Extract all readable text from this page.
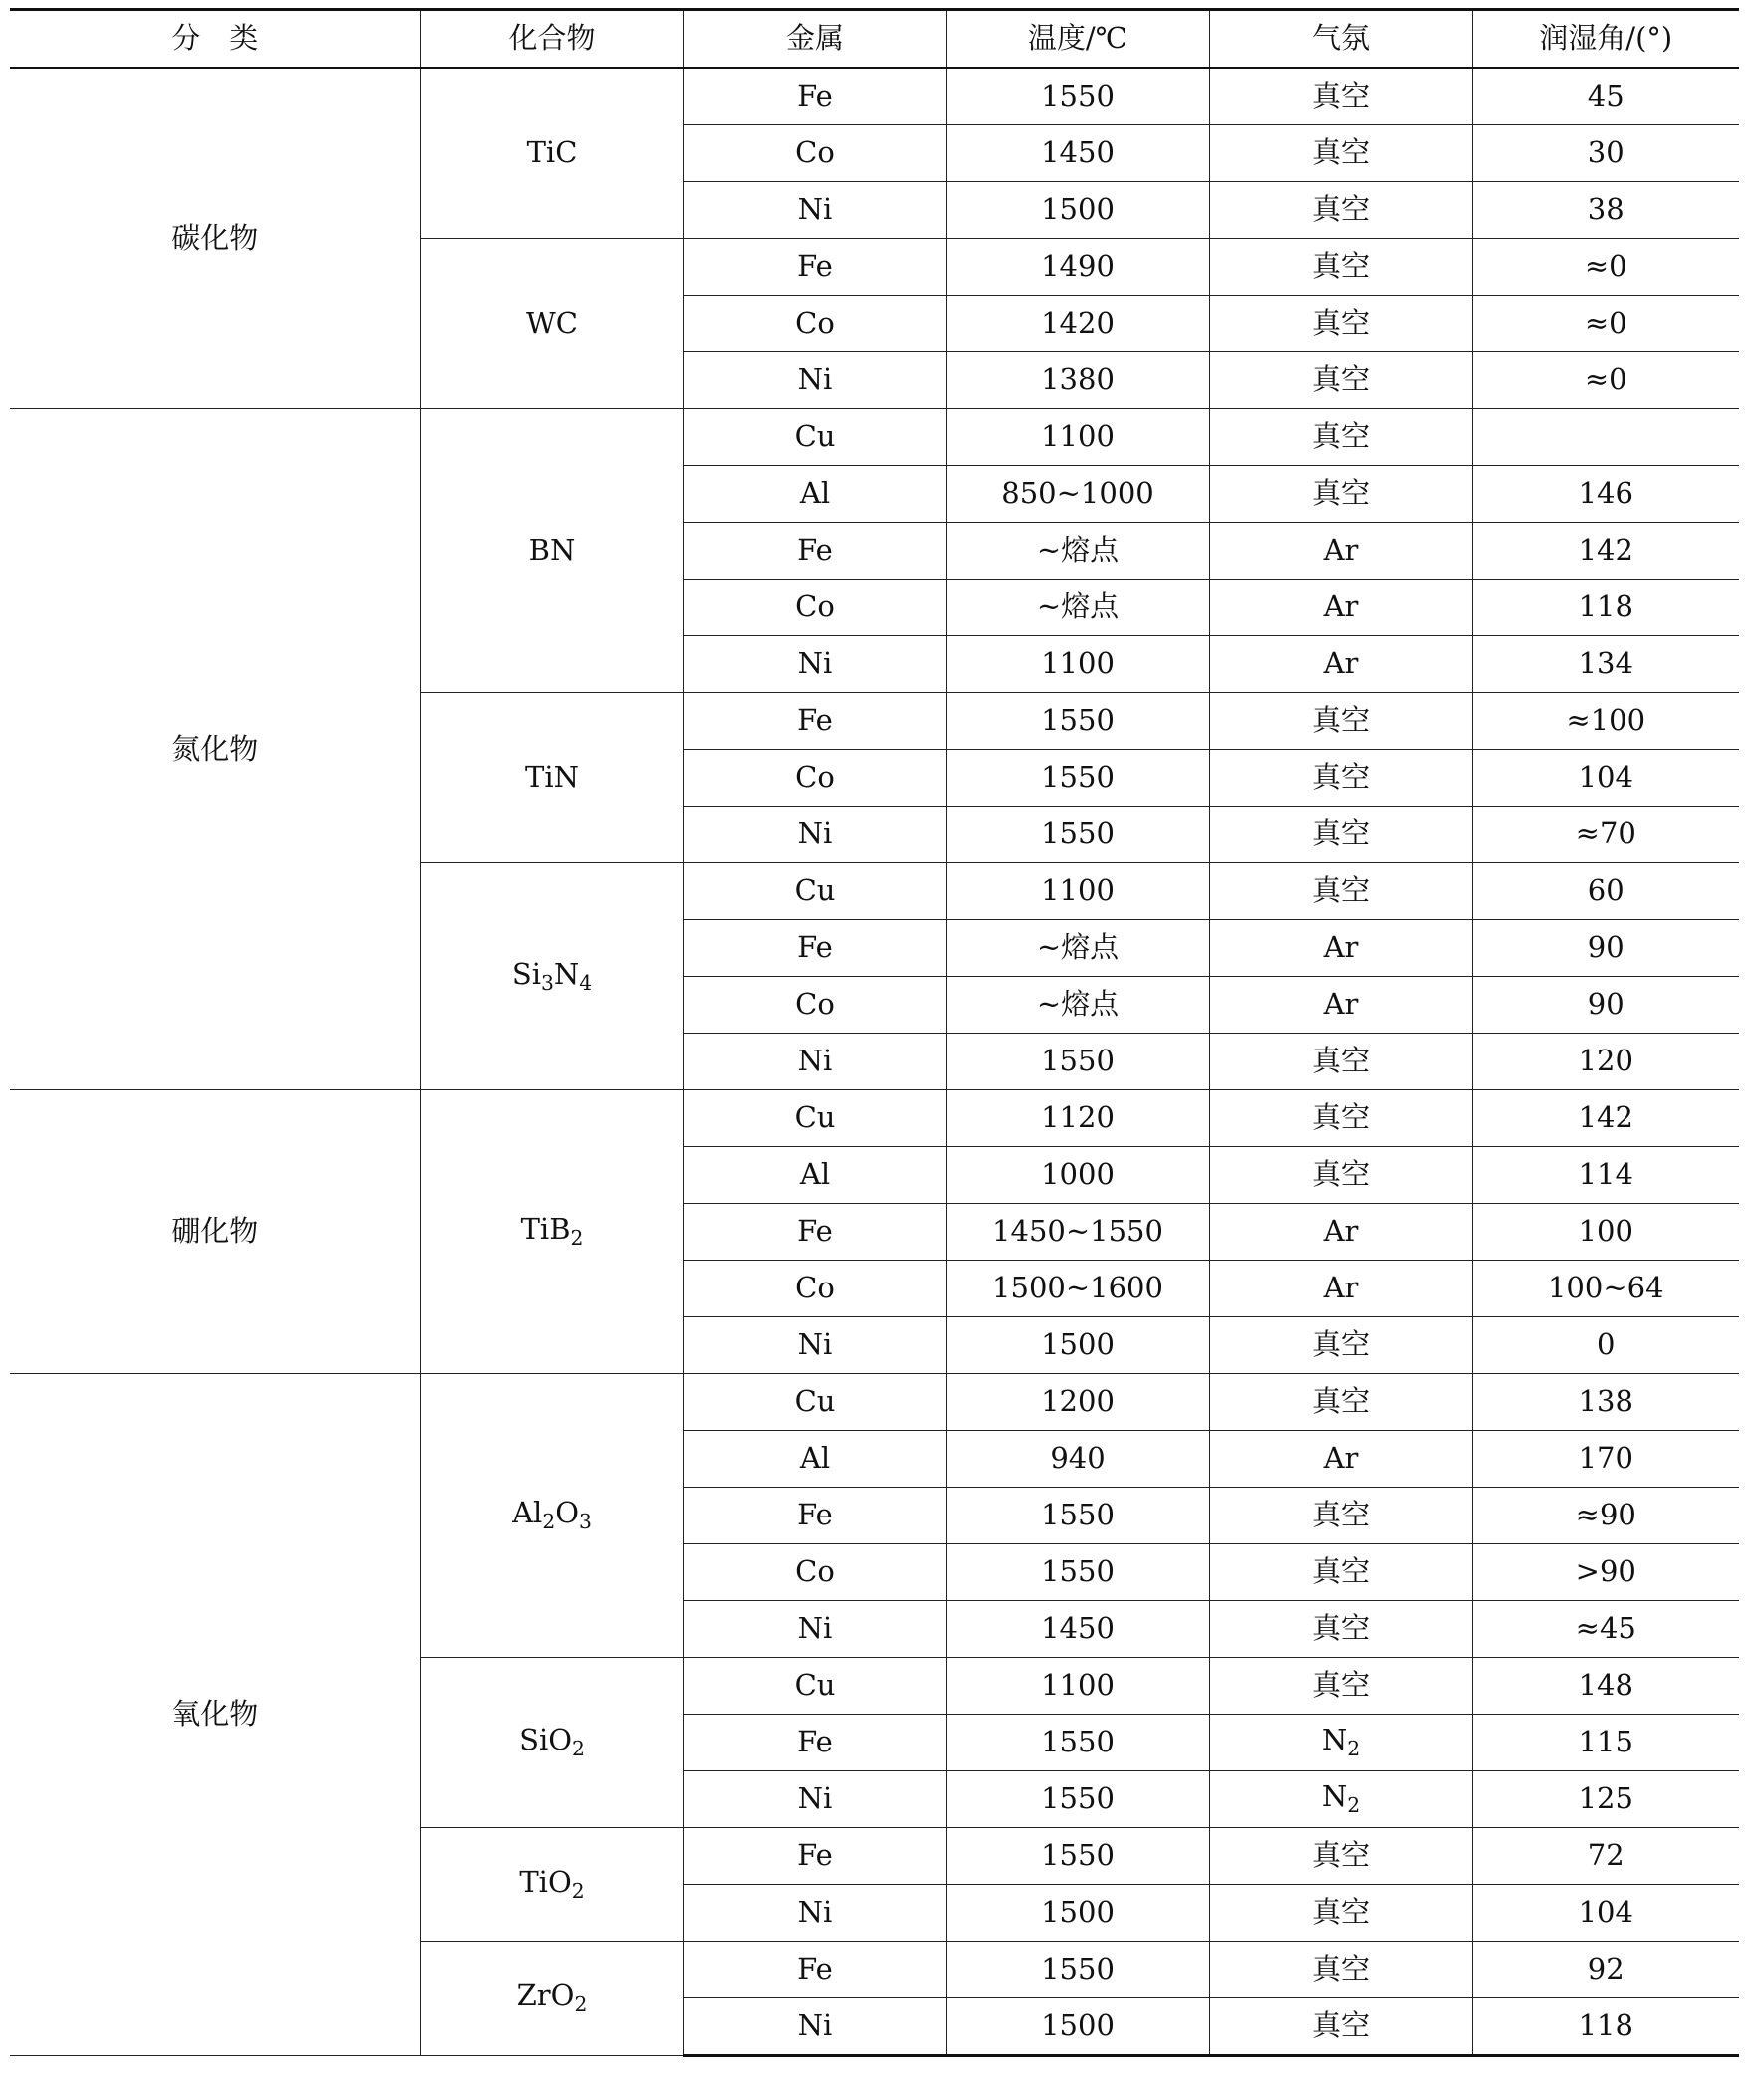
分　类	化合物	金属	温度/℃	气氛	润湿角/(°)
碳化物	TiC	Fe	1550	真空	45
		Co	1450	真空	30
		Ni	1500	真空	38
	WC	Fe	1490	真空	≈0
		Co	1420	真空	≈0
		Ni	1380	真空	≈0
氮化物	BN	Cu	1100	真空	
		Al	850~1000	真空	146
		Fe	~熔点	Ar	142
		Co	~熔点	Ar	118
		Ni	1100	Ar	134
	TiN	Fe	1550	真空	≈100
		Co	1550	真空	104
		Ni	1550	真空	≈70
	$Si_3N_4$	Cu	1100	真空	60
		Fe	~熔点	Ar	90
		Co	~熔点	Ar	90
		Ni	1550	真空	120
硼化物	TiB$_2$	Cu	1120	真空	142
		Al	1000	真空	114
		Fe	1450~1550	Ar	100
		Co	1500~1600	Ar	100~64
		Ni	1500	真空	0
氧化物	$Al_2O_3$	Cu	1200	真空	138
		Al	940	Ar	170
		Fe	1550	真空	≈90
		Co	1550	真空	>90
		Ni	1450	真空	≈45
	SiO$_2$	Cu	1100	真空	148
		Fe	1550	$N_2$	115
		Ni	1550	$N_2$	125
	TiO$_2$	Fe	1550	真空	72
		Ni	1500	真空	104
	ZrO$_2$	Fe	1550	真空	92
		Ni	1500	真空	118
